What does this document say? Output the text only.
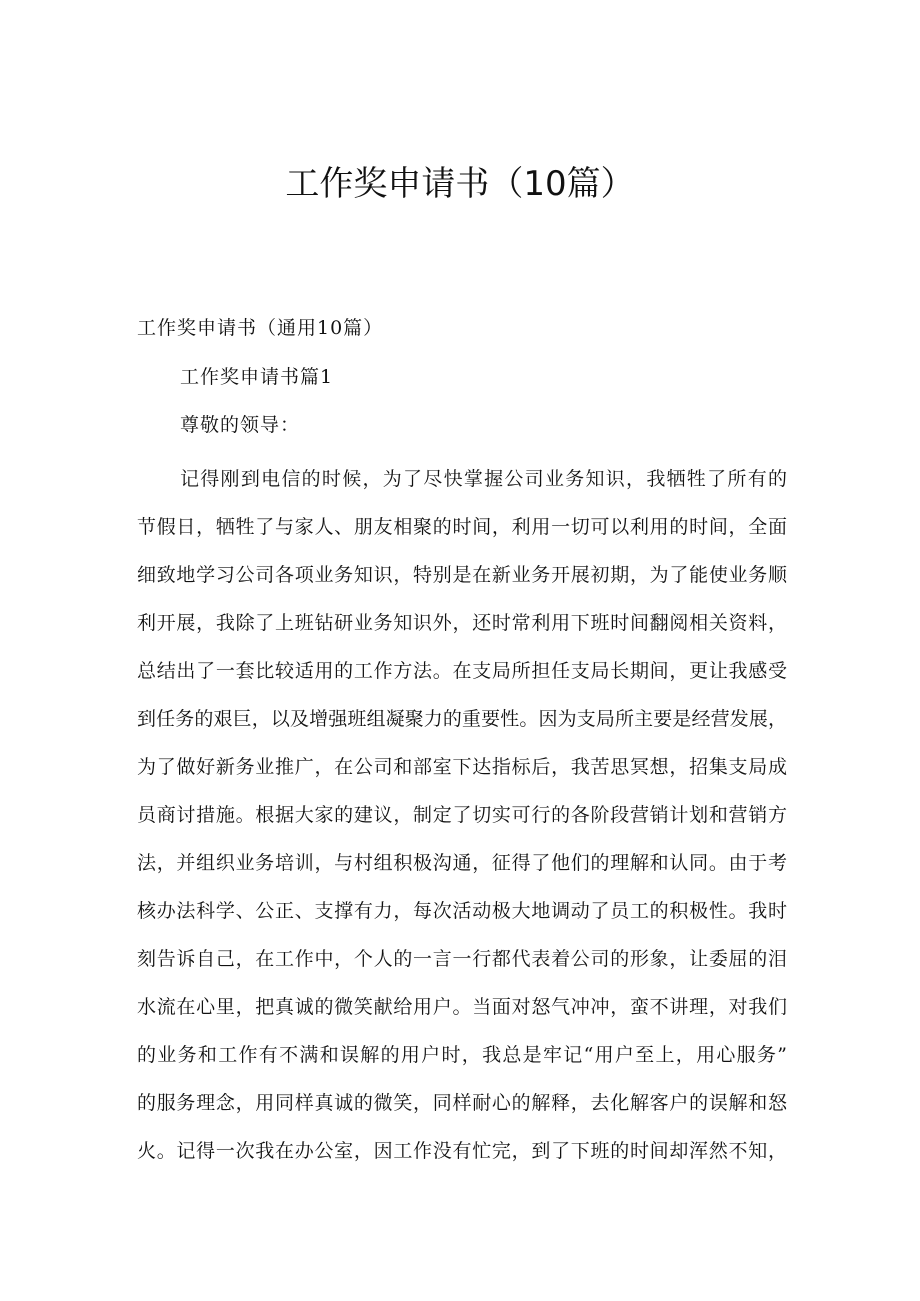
工作奖申请书（10篇）

工作奖申请书（通用10篇）

工作奖申请书篇1

尊敬的领导：

记得刚到电信的时候，为了尽快掌握公司业务知识，我牺牲了所有的
节假日，牺牲了与家人、朋友相聚的时间，利用一切可以利用的时间，全面
细致地学习公司各项业务知识，特别是在新业务开展初期，为了能使业务顺
利开展，我除了上班钻研业务知识外，还时常利用下班时间翻阅相关资料，
总结出了一套比较适用的工作方法。在支局所担任支局长期间，更让我感受
到任务的艰巨，以及增强班组凝聚力的重要性。因为支局所主要是经营发展，
为了做好新务业推广，在公司和部室下达指标后，我苦思冥想，招集支局成
员商讨措施。根据大家的建议，制定了切实可行的各阶段营销计划和营销方
法，并组织业务培训，与村组积极沟通，征得了他们的理解和认同。由于考
核办法科学、公正、支撑有力，每次活动极大地调动了员工的积极性。我时
刻告诉自己，在工作中，个人的一言一行都代表着公司的形象，让委屈的泪
水流在心里，把真诚的微笑献给用户。当面对怒气冲冲，蛮不讲理，对我们
的业务和工作有不满和误解的用户时，我总是牢记“用户至上，用心服务”
的服务理念，用同样真诚的微笑，同样耐心的解释，去化解客户的误解和怒
火。记得一次我在办公室，因工作没有忙完，到了下班的时间却浑然不知，
